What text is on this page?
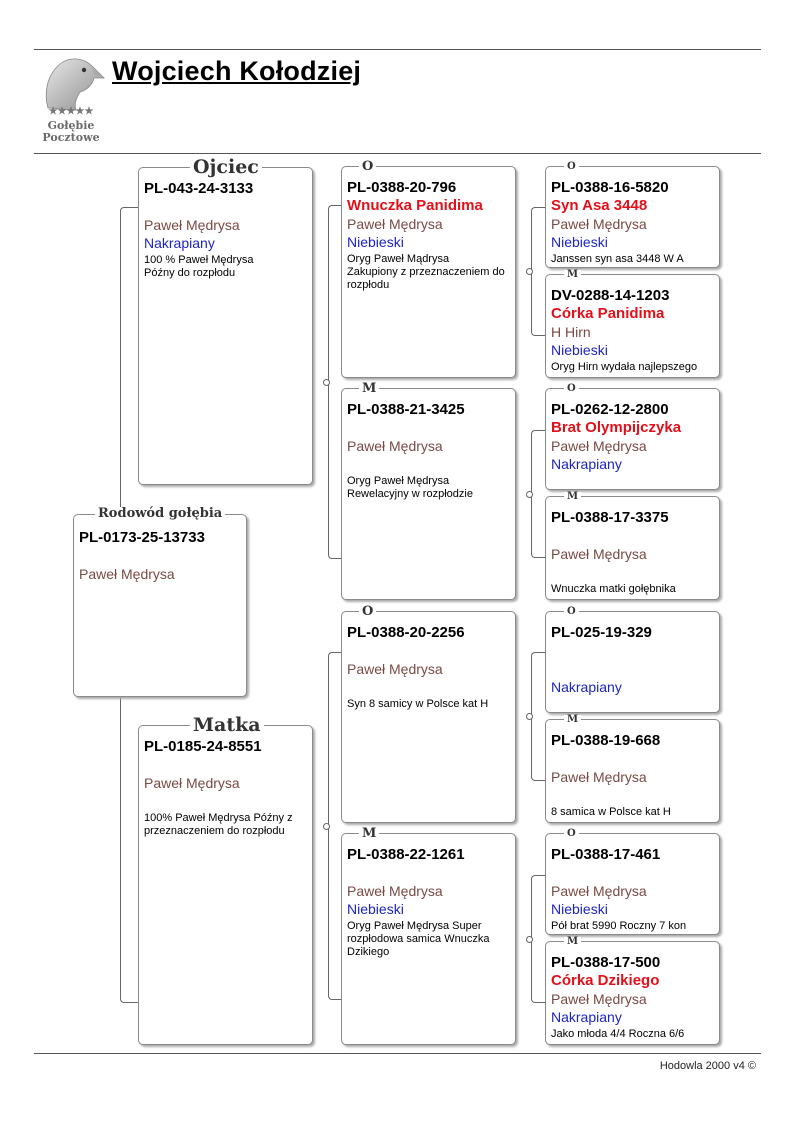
★★★★★
Gołębie
Pocztowe
Wojciech Kołodziej
PL-0173-25-13733
Paweł Mędrysa
Rodowód gołębia
PL-043-24-3133
Paweł Mędrysa
Nakrapiany
100 % Paweł Mędrysa
Późny do rozpłodu
Ojciec
PL-0185-24-8551
Paweł Mędrysa
100% Paweł Mędrysa Późny z przeznaczeniem do rozpłodu
Matka
PL-0388-20-796
Wnuczka Panidima
Paweł Mędrysa
Niebieski
Oryg Paweł Mądrysa
Zakupiony z przeznaczeniem do rozpłodu
O
PL-0388-21-3425
Paweł Mędrysa
Oryg Paweł Mędrysa
Rewelacyjny w rozpłodzie
M
PL-0388-20-2256
Paweł Mędrysa
Syn 8 samicy w Polsce kat H
O
PL-0388-22-1261
Paweł Mędrysa
Niebieski
Oryg Paweł Mędrysa Super rozpłodowa samica Wnuczka Dzikiego
M
PL-0388-16-5820
Syn Asa 3448
Paweł Mędrysa
Niebieski
Janssen syn asa 3448 W A
O
DV-0288-14-1203
Córka Panidima
H Hirn
Niebieski
Oryg Hirn wydała najlepszego
M
PL-0262-12-2800
Brat Olympijczyka
Paweł Mędrysa
Nakrapiany
O
PL-0388-17-3375
Paweł Mędrysa
Wnuczka matki gołębnika
M
PL-025-19-329
Nakrapiany
O
PL-0388-19-668
Paweł Mędrysa
8 samica w Polsce kat H
M
PL-0388-17-461
Paweł Mędrysa
Niebieski
Pół brat 5990 Roczny 7 kon
O
PL-0388-17-500
Córka Dzikiego
Paweł Mędrysa
Nakrapiany
Jako młoda 4/4 Roczna 6/6
M
Hodowla 2000 v4 ©
